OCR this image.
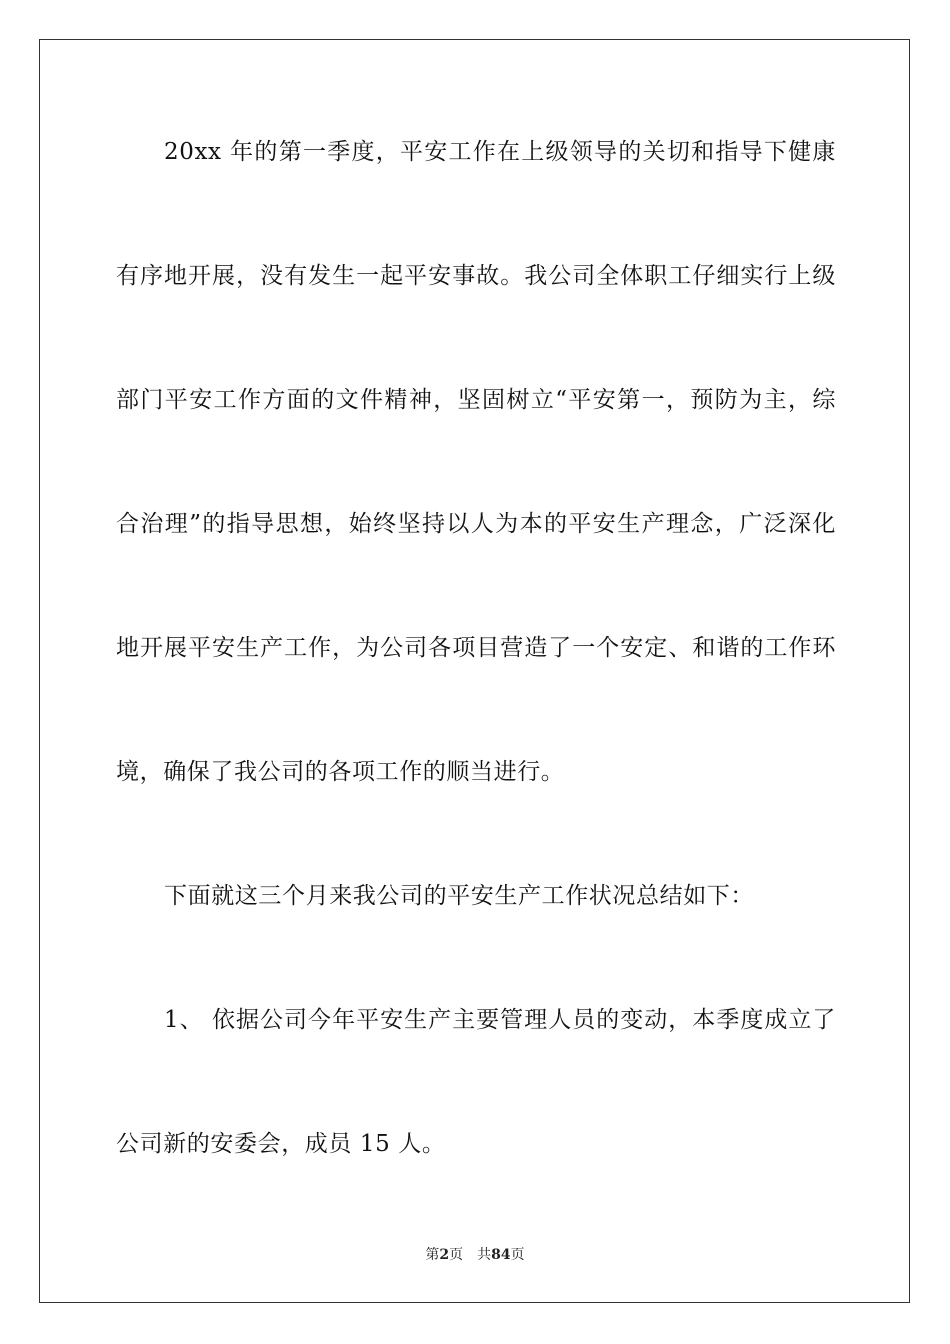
20xx 年的第一季度，平安工作在上级领导的关切和指导下健康
有序地开展，没有发生一起平安事故。我公司全体职工仔细实行上级
部门平安工作方面的文件精神，坚固树立“平安第一，预防为主，综
合治理”的指导思想，始终坚持以人为本的平安生产理念，广泛深化
地开展平安生产工作，为公司各项目营造了一个安定、和谐的工作环
境，确保了我公司的各项工作的顺当进行。
下面就这三个月来我公司的平安生产工作状况总结如下：
1、 依据公司今年平安生产主要管理人员的变动，本季度成立了
公司新的安委会，成员 15 人。
第2页 共84页
